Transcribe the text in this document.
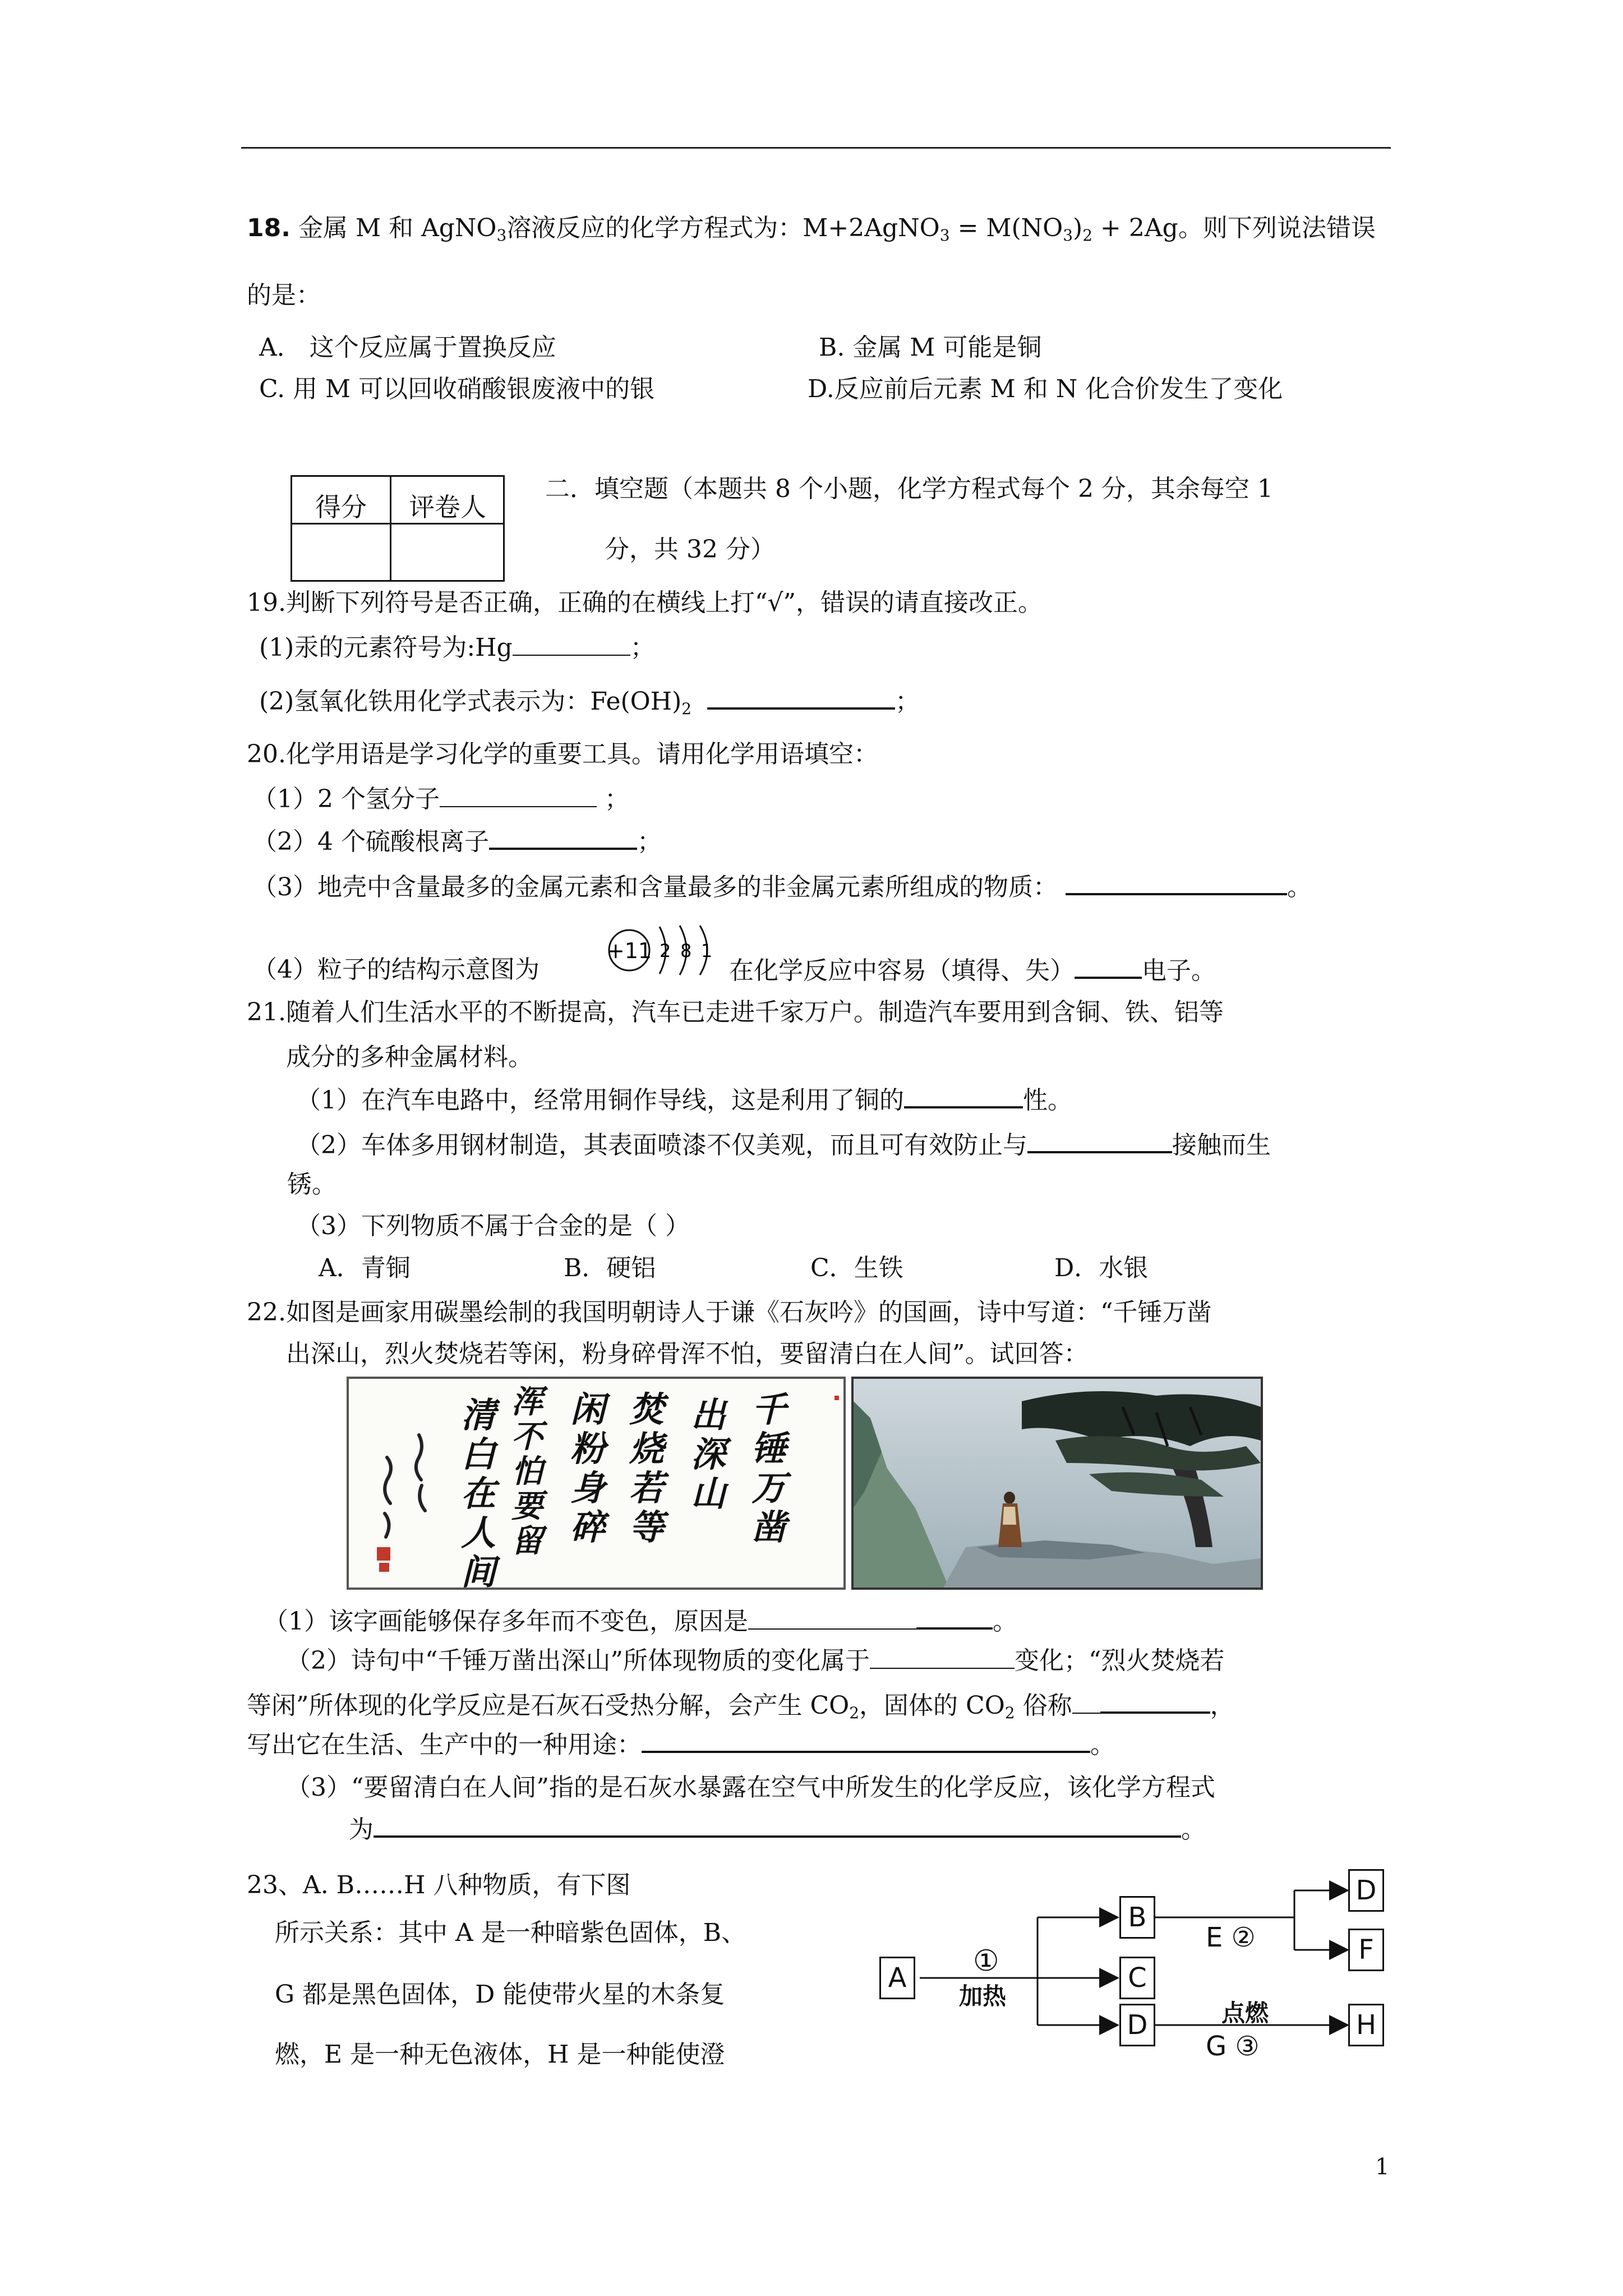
18. 金属 M 和 AgNO$_3$溶液反应的化学方程式为：M+2AgNO$_3$ = $M(NO_3)_2 + 2Ag$。则下列说法错误
的是：
A． 这个反应属于置换反应	B. 金属 M 可能是铜
C. 用 M 可以回收硝酸银废液中的银	D.反应前后元素 M 和 N 化合价发生了变化
得分	评卷人
二．填空题（本题共 8 个小题，化学方程式每个 2 分，其余每空 1
分，共 32 分）
19.判断下列符号是否正确，正确的在横线上打“√”，错误的请直接改正。
(1)汞的元素符号为:Hg	；
(2)氢氧化铁用化学式表示为：$Fe(OH)_2$	；
20.化学用语是学习化学的重要工具。请用化学用语填空：
（1）2 个氢分子	；
（2）4 个硫酸根离子	；
（3）地壳中含量最多的金属元素和含量最多的非金属元素所组成的物质：	。
（4）粒子的结构示意图为
+11 2 8 1
在化学反应中容易（填得、失）	电子。
21.随着人们生活水平的不断提高，汽车已走进千家万户。制造汽车要用到含铜、铁、铝等
成分的多种金属材料。
（1）在汽车电路中，经常用铜作导线，这是利用了铜的	性。
（2）车体多用钢材制造，其表面喷漆不仅美观，而且可有效防止与	接触而生
锈。
（3）下列物质不属于合金的是（ ）
A．青铜	B．硬铝	C．生铁	D．水银
22.如图是画家用碳墨绘制的我国明朝诗人于谦《石灰吟》的国画，诗中写道：“千锤万凿
出深山，烈火焚烧若等闲，粉身碎骨浑不怕，要留清白在人间”。试回答：
千锤万凿
出深山
焚烧若等
闲粉身碎
浑不怕要留
清白在人间
（1）该字画能够保存多年而不变色，原因是	。
（2）诗句中“千锤万凿出深山”所体现物质的变化属于	变化；“烈火焚烧若
等闲”所体现的化学反应是石灰石受热分解，会产生 $CO_2$，固体的 $CO_2$ 俗称	，
写出它在生活、生产中的一种用途：	。
（3）“要留清白在人间”指的是石灰水暴露在空气中所发生的化学反应，该化学方程式
为	。
23、A. B……H 八种物质，有下图
所示关系：其中 A 是一种暗紫色固体，B、
G 都是黑色固体，D 能使带火星的木条复
燃，E 是一种无色液体，H 是一种能使澄
A
B
C
D
D
F
H
①
加热
E ②
点燃
G ③
1
